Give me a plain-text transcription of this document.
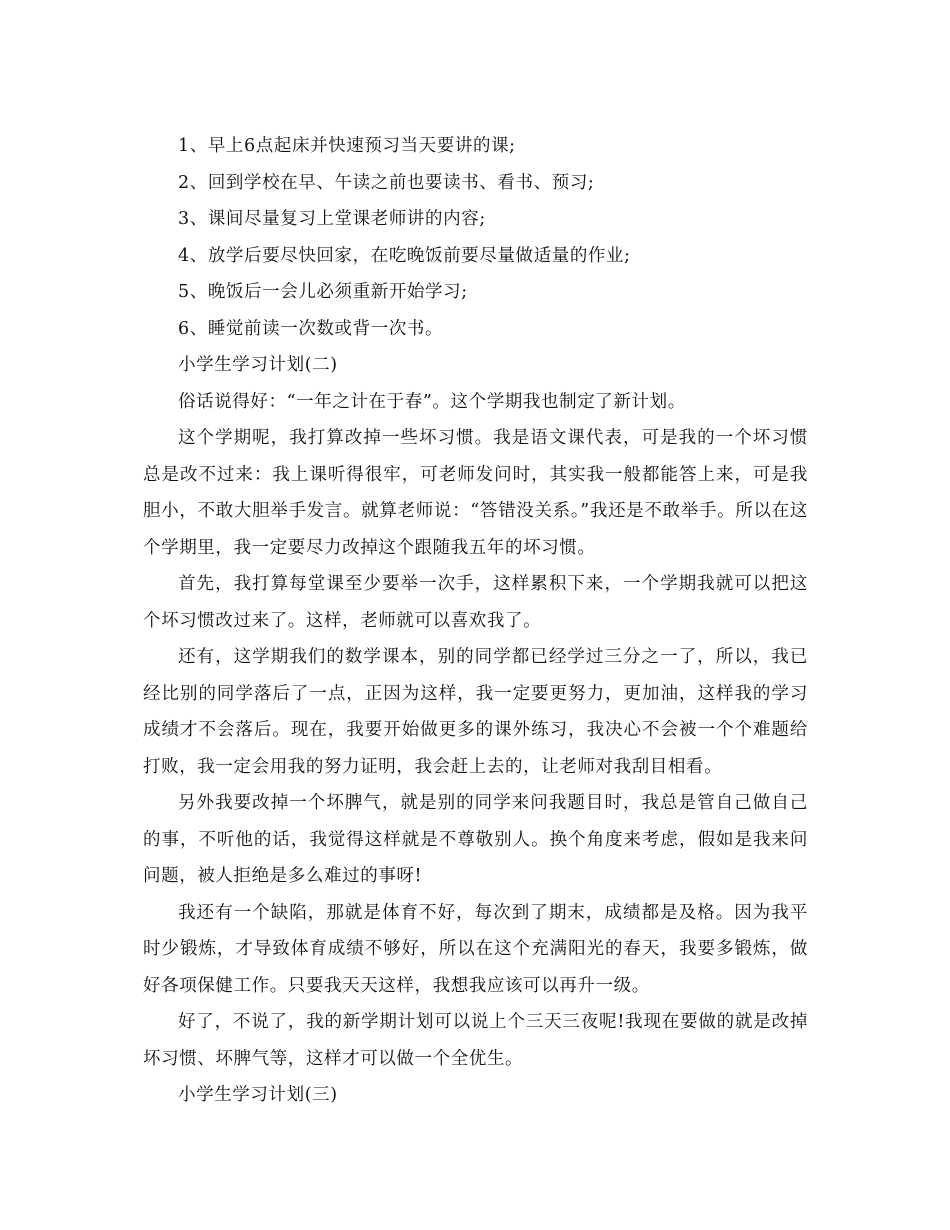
1、早上6点起床并快速预习当天要讲的课;
2、回到学校在早、午读之前也要读书、看书、预习;
3、课间尽量复习上堂课老师讲的内容;
4、放学后要尽快回家，在吃晚饭前要尽量做适量的作业;
5、晚饭后一会儿必须重新开始学习;
6、睡觉前读一次数或背一次书。
小学生学习计划(二)

俗话说得好：“一年之计在于春”。这个学期我也制定了新计划。

这个学期呢，我打算改掉一些坏习惯。我是语文课代表，可是我的一个坏习惯总是改不过来：我上课听得很牢，可老师发问时，其实我一般都能答上来，可是我胆小，不敢大胆举手发言。就算老师说：“答错没关系。”我还是不敢举手。所以在这个学期里，我一定要尽力改掉这个跟随我五年的坏习惯。

首先，我打算每堂课至少要举一次手，这样累积下来，一个学期我就可以把这个坏习惯改过来了。这样，老师就可以喜欢我了。

还有，这学期我们的数学课本，别的同学都已经学过三分之一了，所以，我已经比别的同学落后了一点，正因为这样，我一定要更努力，更加油，这样我的学习成绩才不会落后。现在，我要开始做更多的课外练习，我决心不会被一个个难题给打败，我一定会用我的努力证明，我会赶上去的，让老师对我刮目相看。

另外我要改掉一个坏脾气，就是别的同学来问我题目时，我总是管自己做自己的事，不听他的话，我觉得这样就是不尊敬别人。换个角度来考虑，假如是我来问问题，被人拒绝是多么难过的事呀!

我还有一个缺陷，那就是体育不好，每次到了期末，成绩都是及格。因为我平时少锻炼，才导致体育成绩不够好，所以在这个充满阳光的春天，我要多锻炼，做好各项保健工作。只要我天天这样，我想我应该可以再升一级。

好了，不说了，我的新学期计划可以说上个三天三夜呢!我现在要做的就是改掉坏习惯、坏脾气等，这样才可以做一个全优生。

小学生学习计划(三)
